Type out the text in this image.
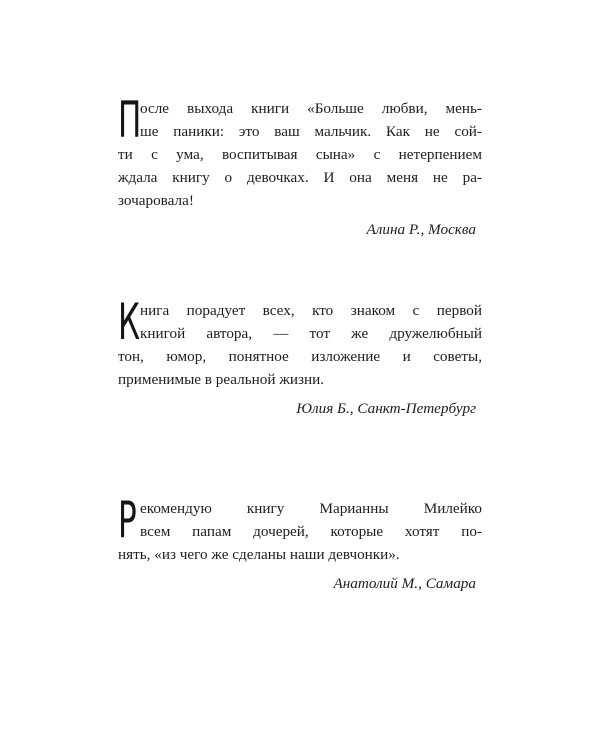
П
осле выхода книги «Больше любви, мень-
ше паники: это ваш мальчик. Как не сой-
ти с ума, воспитывая сына» с нетерпением
ждала книгу о девочках. И она меня не ра-
зочаровала!
Алина Р., Москва
К нига порадует всех, кто знаком с первой
книгой автора, — тот же дружелюбный
тон, юмор, понятное изложение и советы,
применимые в реальной жизни.
Юлия Б., Санкт-Петербург
Р екомендую книгу Марианны Милейко
всем папам дочерей, которые хотят по-
нять, «из чего же сделаны наши девчонки».
Анатолий М., Самара
